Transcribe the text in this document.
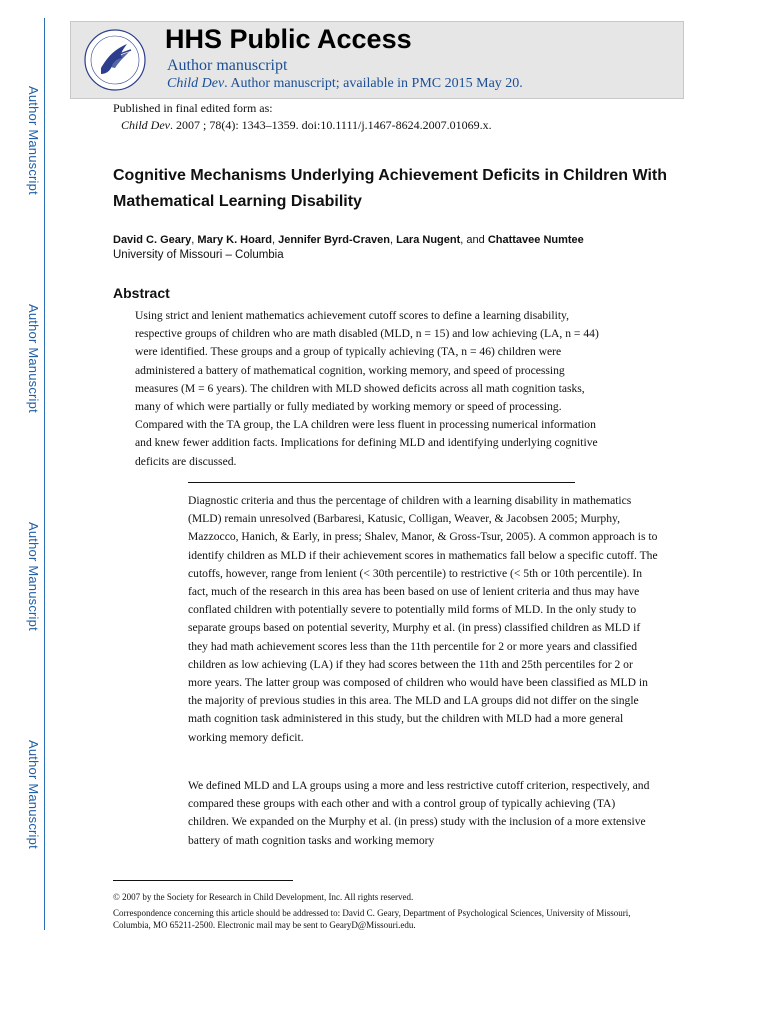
Author Manuscript
Author Manuscript
Author Manuscript
Author Manuscript
HHS Public Access
Author manuscript
Child Dev. Author manuscript; available in PMC 2015 May 20.
Published in final edited form as:
Child Dev. 2007 ; 78(4): 1343–1359. doi:10.1111/j.1467-8624.2007.01069.x.
Cognitive Mechanisms Underlying Achievement Deficits in Children With Mathematical Learning Disability
David C. Geary, Mary K. Hoard, Jennifer Byrd-Craven, Lara Nugent, and Chattavee Numtee
University of Missouri – Columbia
Abstract
Using strict and lenient mathematics achievement cutoff scores to define a learning disability, respective groups of children who are math disabled (MLD, n = 15) and low achieving (LA, n = 44) were identified. These groups and a group of typically achieving (TA, n = 46) children were administered a battery of mathematical cognition, working memory, and speed of processing measures (M = 6 years). The children with MLD showed deficits across all math cognition tasks, many of which were partially or fully mediated by working memory or speed of processing. Compared with the TA group, the LA children were less fluent in processing numerical information and knew fewer addition facts. Implications for defining MLD and identifying underlying cognitive deficits are discussed.
Diagnostic criteria and thus the percentage of children with a learning disability in mathematics (MLD) remain unresolved (Barbaresi, Katusic, Colligan, Weaver, & Jacobsen 2005; Murphy, Mazzocco, Hanich, & Early, in press; Shalev, Manor, & Gross-Tsur, 2005). A common approach is to identify children as MLD if their achievement scores in mathematics fall below a specific cutoff. The cutoffs, however, range from lenient (< 30th percentile) to restrictive (< 5th or 10th percentile). In fact, much of the research in this area has been based on use of lenient criteria and thus may have conflated children with potentially severe to potentially mild forms of MLD. In the only study to separate groups based on potential severity, Murphy et al. (in press) classified children as MLD if they had math achievement scores less than the 11th percentile for 2 or more years and classified children as low achieving (LA) if they had scores between the 11th and 25th percentiles for 2 or more years. The latter group was composed of children who would have been classified as MLD in the majority of previous studies in this area. The MLD and LA groups did not differ on the single math cognition task administered in this study, but the children with MLD had a more general working memory deficit.
We defined MLD and LA groups using a more and less restrictive cutoff criterion, respectively, and compared these groups with each other and with a control group of typically achieving (TA) children. We expanded on the Murphy et al. (in press) study with the inclusion of a more extensive battery of math cognition tasks and working memory
© 2007 by the Society for Research in Child Development, Inc. All rights reserved.
Correspondence concerning this article should be addressed to: David C. Geary, Department of Psychological Sciences, University of Missouri, Columbia, MO 65211-2500. Electronic mail may be sent to GearyD@Missouri.edu.
